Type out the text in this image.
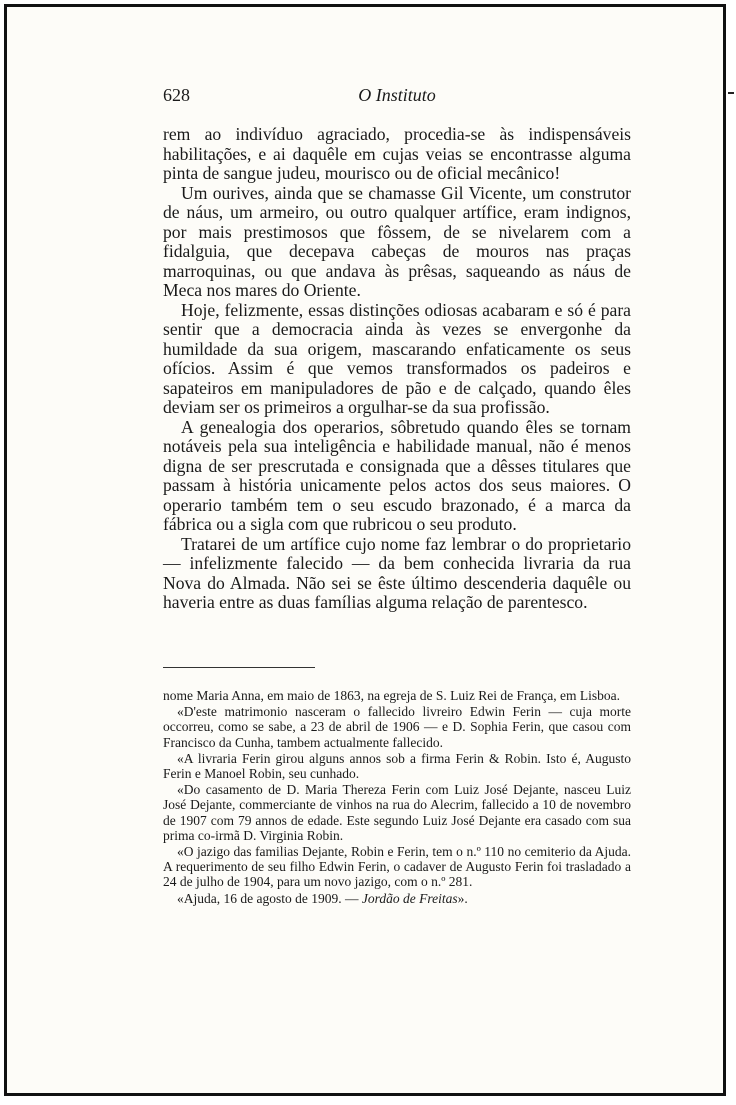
628	O Instituto

rem ao indivíduo agraciado, procedia-se às indispensáveis habilitações, e ai daquêle em cujas veias se encontrasse alguma pinta de sangue judeu, mourisco ou de oficial mecânico!

Um ourives, ainda que se chamasse Gil Vicente, um construtor de náus, um armeiro, ou outro qualquer artífice, eram indignos, por mais prestimosos que fôssem, de se nivelarem com a fidalguia, que decepava cabeças de mouros nas praças marroquinas, ou que andava às prêsas, saqueando as náus de Meca nos mares do Oriente.

Hoje, felizmente, essas distinções odiosas acabaram e só é para sentir que a democracia ainda às vezes se envergonhe da humildade da sua origem, mascarando enfaticamente os seus ofícios. Assim é que vemos transformados os padeiros e sapateiros em manipuladores de pão e de calçado, quando êles deviam ser os primeiros a orgulhar-se da sua profissão.

A genealogia dos operarios, sôbretudo quando êles se tornam notáveis pela sua inteligência e habilidade manual, não é menos digna de ser prescrutada e consignada que a dêsses titulares que passam à história unicamente pelos actos dos seus maiores. O operario também tem o seu escudo brazonado, é a marca da fábrica ou a sigla com que rubricou o seu produto.

Tratarei de um artífice cujo nome faz lembrar o do proprietario — infelizmente falecido — da bem conhecida livraria da rua Nova do Almada. Não sei se êste último descenderia daquêle ou haveria entre as duas famílias alguma relação de parentesco.

nome Maria Anna, em maio de 1863, na egreja de S. Luiz Rei de França, em Lisboa.

«D'este matrimonio nasceram o fallecido livreiro Edwin Ferin — cuja morte occorreu, como se sabe, a 23 de abril de 1906 — e D. Sophia Ferin, que casou com Francisco da Cunha, tambem actualmente fallecido.

«A livraria Ferin girou alguns annos sob a firma Ferin & Robin. Isto é, Augusto Ferin e Manoel Robin, seu cunhado.

«Do casamento de D. Maria Thereza Ferin com Luiz José Dejante, nasceu Luiz José Dejante, commerciante de vinhos na rua do Alecrim, fallecido a 10 de novembro de 1907 com 79 annos de edade. Este segundo Luiz José Dejante era casado com sua prima co-irmã D. Virginia Robin.

«O jazigo das familias Dejante, Robin e Ferin, tem o n.º 110 no cemiterio da Ajuda. A requerimento de seu filho Edwin Ferin, o cadaver de Augusto Ferin foi trasladado a 24 de julho de 1904, para um novo jazigo, com o n.º 281.

«Ajuda, 16 de agosto de 1909. — Jordão de Freitas».
